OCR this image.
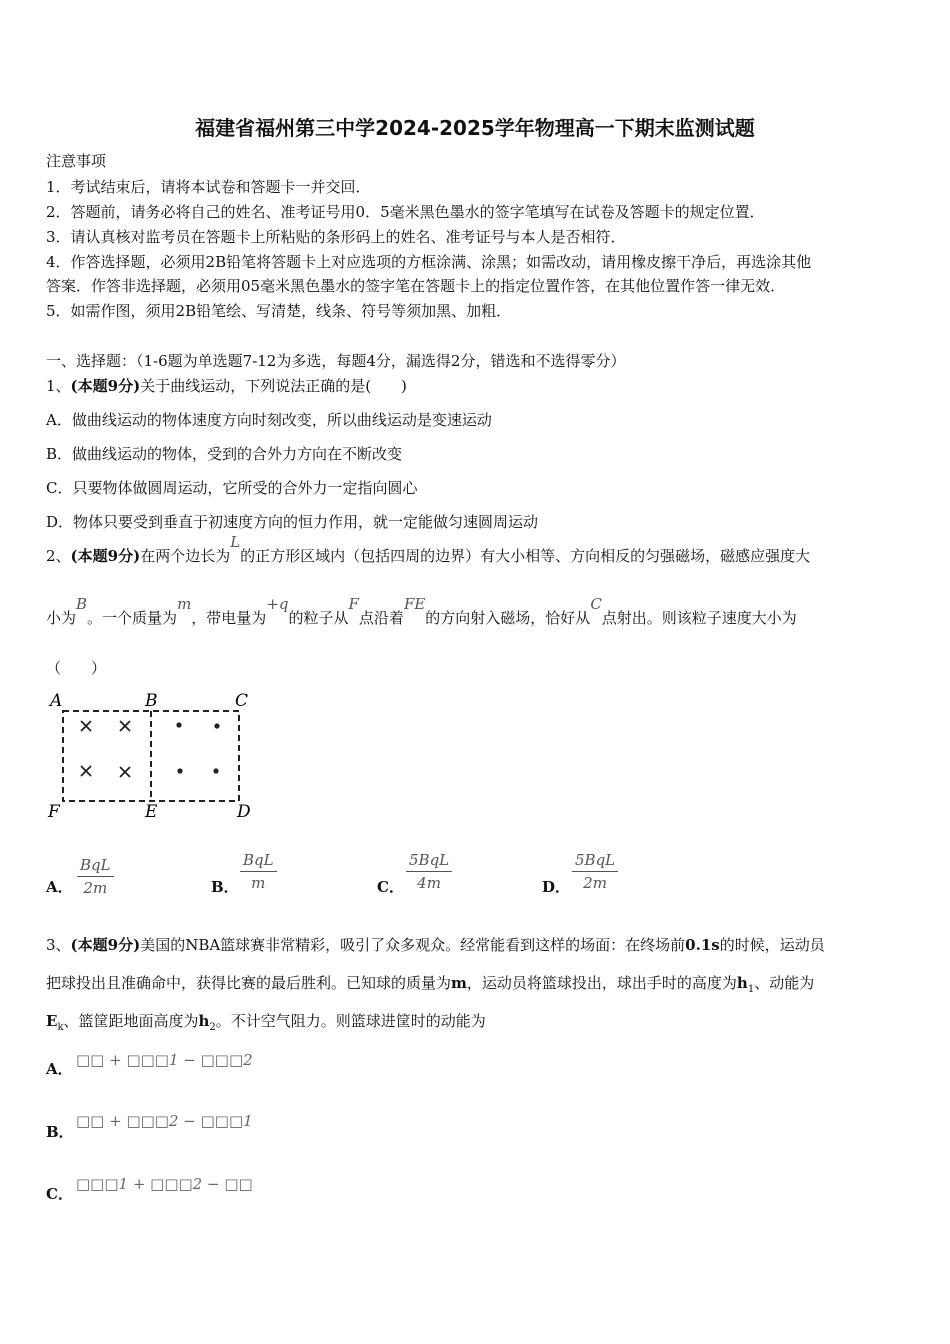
福建省福州第三中学2024-2025学年物理高一下期末监测试题
注意事项
1．考试结束后，请将本试卷和答题卡一并交回．
2．答题前，请务必将自己的姓名、准考证号用0．5毫米黑色墨水的签字笔填写在试卷及答题卡的规定位置．
3．请认真核对监考员在答题卡上所粘贴的条形码上的姓名、准考证号与本人是否相符．
4．作答选择题，必须用2B铅笔将答题卡上对应选项的方框涂满、涂黑；如需改动，请用橡皮擦干净后，再选涂其他
答案．作答非选择题，必须用05毫米黑色墨水的签字笔在答题卡上的指定位置作答，在其他位置作答一律无效．
5．如需作图，须用2B铅笔绘、写清楚，线条、符号等须加黑、加粗．
一、选择题：（1-6题为单选题7-12为多选，每题4分，漏选得2分，错选和不选得零分）
1、(本题9分)关于曲线运动，下列说法正确的是(　　)
A．做曲线运动的物体速度方向时刻改变，所以曲线运动是变速运动
B．做曲线运动的物体，受到的合外力方向在不断改变
C．只要物体做圆周运动，它所受的合外力一定指向圆心
D．物体只要受到垂直于初速度方向的恒力作用，就一定能做匀速圆周运动
2、(本题9分)在两个边长为L的正方形区域内（包括四周的边界）有大小相等、方向相反的匀强磁场，磁感应强度大
小为B。一个质量为m，带电量为+q的粒子从F点沿着FE的方向射入磁场，恰好从C点射出。则该粒子速度大小为
（　　）
A	B	C
F	E	D
A．
BqL
2m	B．
BqL
m	C．
5BqL
4m	D．
5BqL
2m
3、(本题9分)美国的NBA篮球赛非常精彩，吸引了众多观众。经常能看到这样的场面：在终场前0.1s的时候，运动员
把球投出且准确命中，获得比赛的最后胜利。已知球的质量为m，运动员将篮球投出，球出手时的高度为$h_1$、动能为
$E_k$、篮筐距地面高度为$h_2$。不计空气阻力。则篮球进筐时的动能为
A． □□ + □□□1 − □□□2
B．
□□ + □□□2 − □□□1
C．
□□□1 + □□□2 − □□
